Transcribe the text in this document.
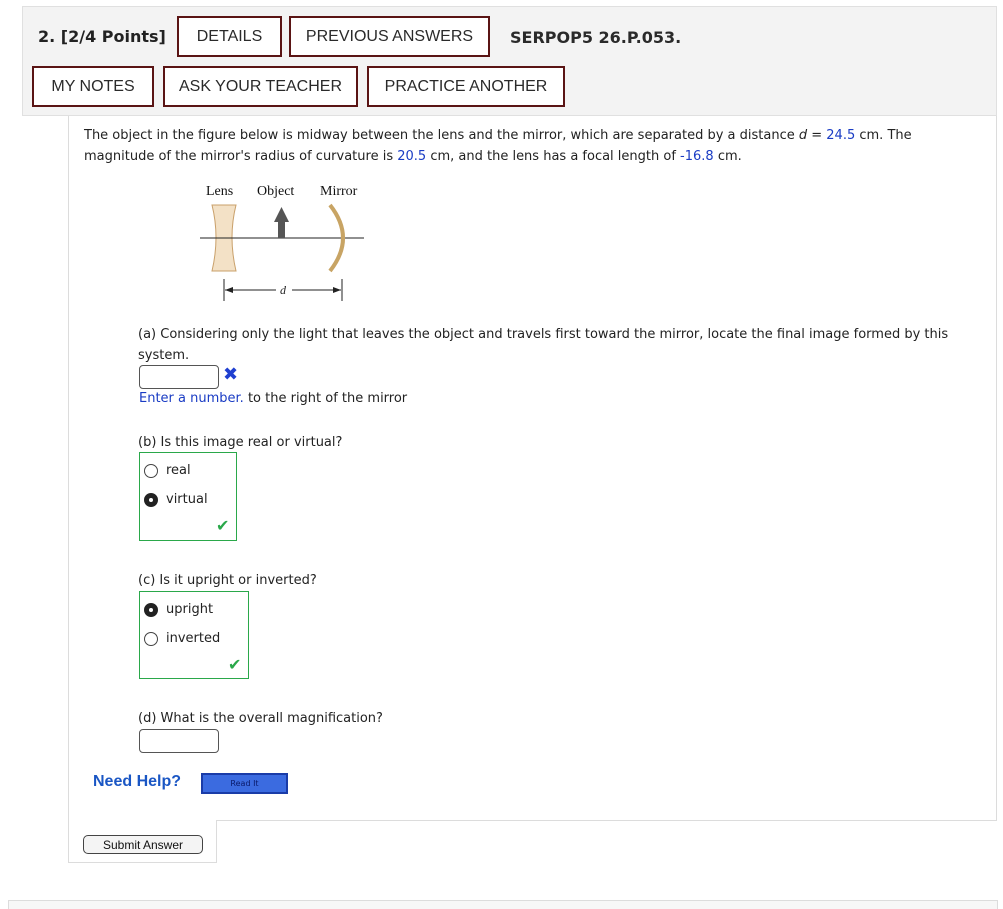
2. [2/4 Points]	DETAILS	PREVIOUS ANSWERS	SERPOP5 26.P.053.
MY NOTES	ASK YOUR TEACHER	PRACTICE ANOTHER
The object in the figure below is midway between the lens and the mirror, which are separated by a distance d = 24.5 cm. The magnitude of the mirror's radius of curvature is 20.5 cm, and the lens has a focal length of -16.8 cm.
Lens Object Mirror
d
(a) Considering only the light that leaves the object and travels first toward the mirror, locate the final image formed by this system.
✖
Enter a number. to the right of the mirror
(b) Is this image real or virtual?
real
virtual
✔
(c) Is it upright or inverted?
upright
inverted
✔
(d) What is the overall magnification?
Need Help?	Read It
Submit Answer
